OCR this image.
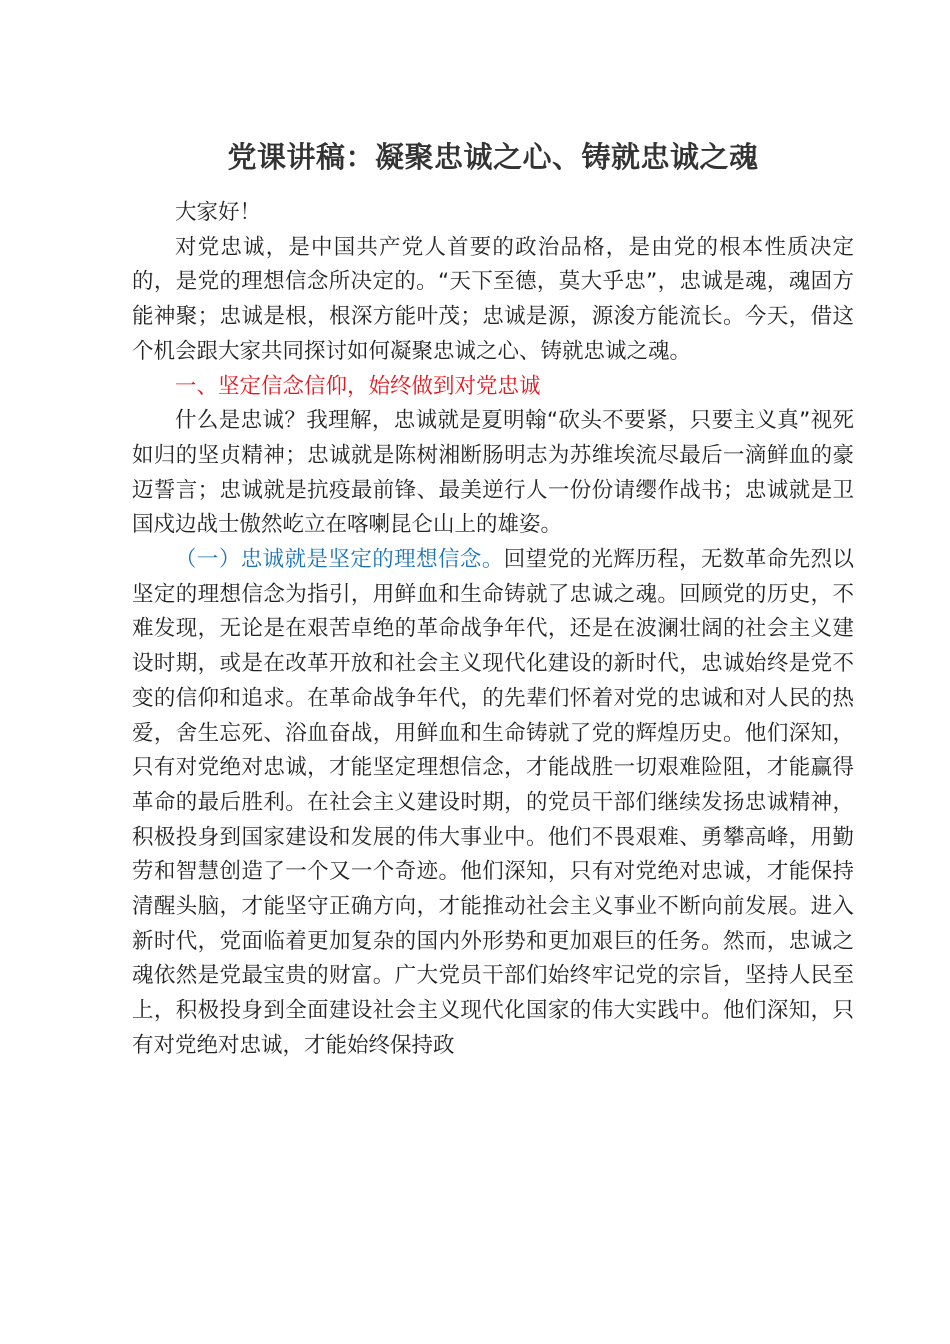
党课讲稿：凝聚忠诚之心、铸就忠诚之魂

大家好！

对党忠诚，是中国共产党人首要的政治品格，是由党的根本性质决定的，是党的理想信念所决定的。“天下至德，莫大乎忠”，忠诚是魂，魂固方能神聚；忠诚是根，根深方能叶茂；忠诚是源，源浚方能流长。今天，借这个机会跟大家共同探讨如何凝聚忠诚之心、铸就忠诚之魂。

一、坚定信念信仰，始终做到对党忠诚

什么是忠诚？我理解，忠诚就是夏明翰“砍头不要紧，只要主义真”视死如归的坚贞精神；忠诚就是陈树湘断肠明志为苏维埃流尽最后一滴鲜血的豪迈誓言；忠诚就是抗疫最前锋、最美逆行人一份份请缨作战书；忠诚就是卫国戍边战士傲然屹立在喀喇昆仑山上的雄姿。

（一）忠诚就是坚定的理想信念。回望党的光辉历程，无数革命先烈以坚定的理想信念为指引，用鲜血和生命铸就了忠诚之魂。回顾党的历史，不难发现，无论是在艰苦卓绝的革命战争年代，还是在波澜壮阔的社会主义建设时期，或是在改革开放和社会主义现代化建设的新时代，忠诚始终是党不变的信仰和追求。在革命战争年代，的先辈们怀着对党的忠诚和对人民的热爱，舍生忘死、浴血奋战，用鲜血和生命铸就了党的辉煌历史。他们深知，只有对党绝对忠诚，才能坚定理想信念，才能战胜一切艰难险阻，才能赢得革命的最后胜利。在社会主义建设时期，的党员干部们继续发扬忠诚精神，积极投身到国家建设和发展的伟大事业中。他们不畏艰难、勇攀高峰，用勤劳和智慧创造了一个又一个奇迹。他们深知，只有对党绝对忠诚，才能保持清醒头脑，才能坚守正确方向，才能推动社会主义事业不断向前发展。进入新时代，党面临着更加复杂的国内外形势和更加艰巨的任务。然而，忠诚之魂依然是党最宝贵的财富。广大党员干部们始终牢记党的宗旨，坚持人民至上，积极投身到全面建设社会主义现代化国家的伟大实践中。他们深知，只有对党绝对忠诚，才能始终保持政
